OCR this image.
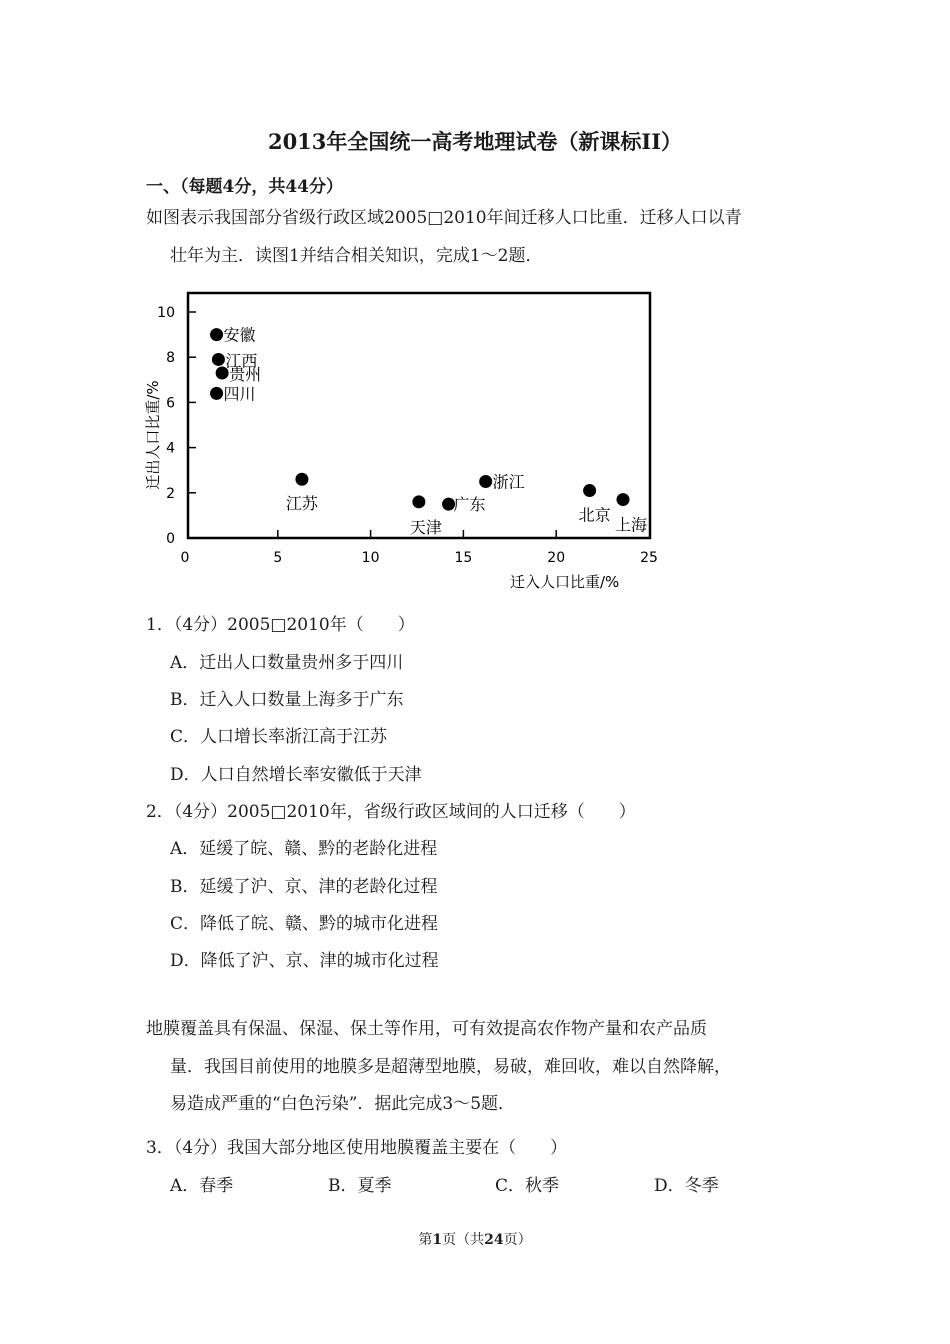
2013年全国统一高考地理试卷（新课标II）
一、（每题4分，共44分）
如图表示我国部分省级行政区域2005□2010年间迁移人口比重．迁移人口以青
壮年为主．读图1并结合相关知识，完成1～2题．
0
2
4
6
8
10
0	5	10	15	20	25
安徽
江西
贵州
四川
江苏
天津
广东
浙江
北京
上海
迁入人口比重/%
迁出人口比重/%
1．（4分）2005□2010年（　　）
A．迁出人口数量贵州多于四川
B．迁入人口数量上海多于广东
C．人口增长率浙江高于江苏
D．人口自然增长率安徽低于天津
2．（4分）2005□2010年，省级行政区域间的人口迁移（　　）
A．延缓了皖、赣、黔的老龄化进程
B．延缓了沪、京、津的老龄化过程
C．降低了皖、赣、黔的城市化进程
D．降低了沪、京、津的城市化过程
地膜覆盖具有保温、保湿、保土等作用，可有效提高农作物产量和农产品质
量．我国目前使用的地膜多是超薄型地膜，易破，难回收，难以自然降解，
易造成严重的“白色污染”．据此完成3～5题．
3．（4分）我国大部分地区使用地膜覆盖主要在（　　）
A．春季	B．夏季	C．秋季	D．冬季
第1页（共24页）
